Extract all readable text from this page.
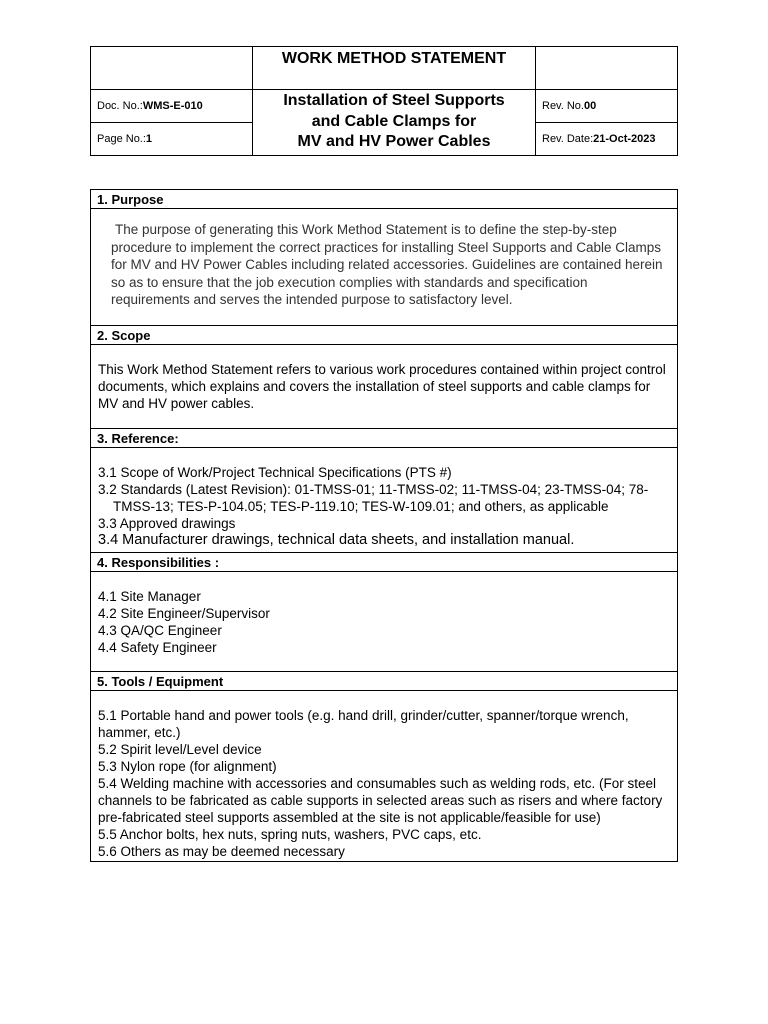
Doc. No.: WMS-E-010
Page No.: 1
WORK METHOD STATEMENT
Installation of Steel Supports
and Cable Clamps for
MV and HV Power Cables
Rev. No. 00
Rev. Date: 21-Oct-2023
1. Purpose
The purpose of generating this Work Method Statement is to define the step-by-step procedure to implement the correct practices for installing Steel Supports and Cable Clamps for MV and HV Power Cables including related accessories. Guidelines are contained herein so as to ensure that the job execution complies with standards and specification requirements and serves the intended purpose to satisfactory level.
2. Scope
This Work Method Statement refers to various work procedures contained within project control documents, which explains and covers the installation of steel supports and cable clamps for MV and HV power cables.
3. Reference:
3.1 Scope of Work/Project Technical Specifications (PTS #)
3.2 Standards (Latest Revision): 01-TMSS-01; 11-TMSS-02; 11-TMSS-04; 23-TMSS-04; 78-TMSS-13; TES-P-104.05; TES-P-119.10; TES-W-109.01; and others, as applicable
3.3 Approved drawings
3.4 Manufacturer drawings, technical data sheets, and installation manual.
4. Responsibilities :
4.1 Site Manager
4.2 Site Engineer/Supervisor
4.3 QA/QC Engineer
4.4 Safety Engineer
5. Tools / Equipment
5.1 Portable hand and power tools (e.g. hand drill, grinder/cutter, spanner/torque wrench, hammer, etc.)
5.2 Spirit level/Level device
5.3 Nylon rope (for alignment)
5.4 Welding machine with accessories and consumables such as welding rods, etc. (For steel channels to be fabricated as cable supports in selected areas such as risers and where factory pre-fabricated steel supports assembled at the site is not applicable/feasible for use)
5.5 Anchor bolts, hex nuts, spring nuts, washers, PVC caps, etc.
5.6 Others as may be deemed necessary
